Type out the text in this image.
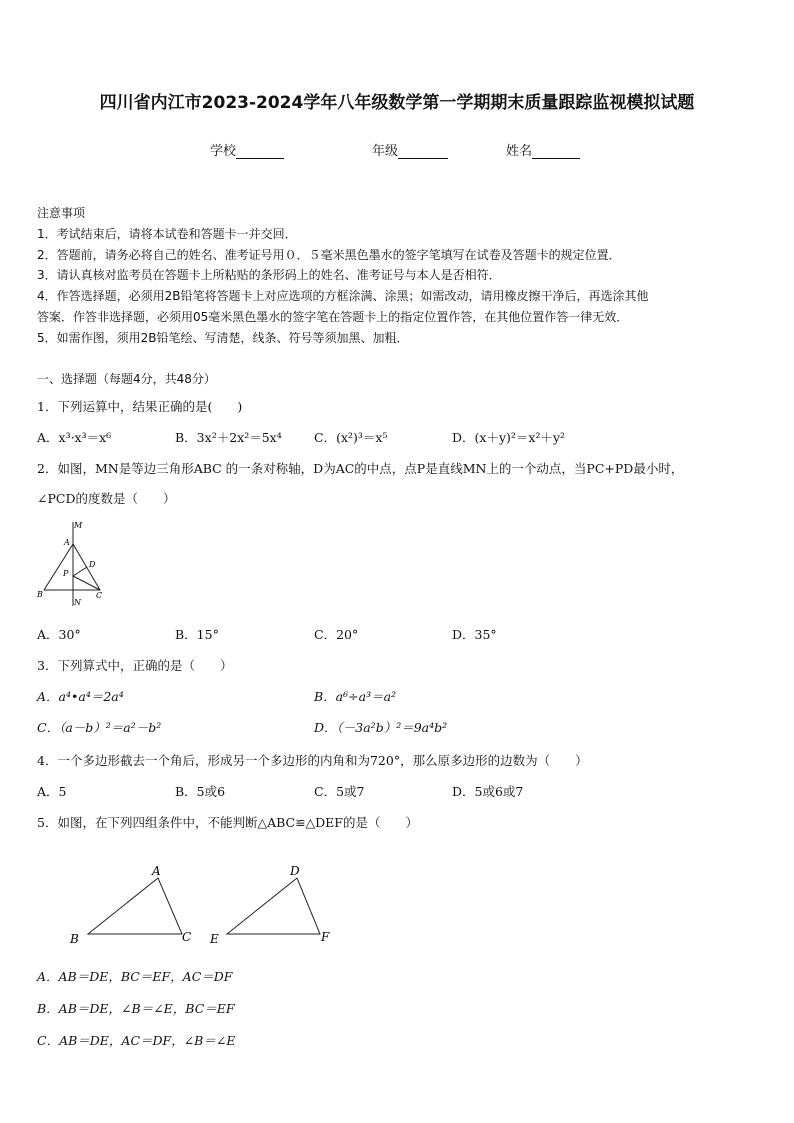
四川省内江市2023-2024学年八年级数学第一学期期末质量跟踪监视模拟试题
学校	年级	姓名
注意事项
1．考试结束后，请将本试卷和答题卡一并交回．
2．答题前，请务必将自己的姓名、准考证号用０．５毫米黑色墨水的签字笔填写在试卷及答题卡的规定位置．
3．请认真核对监考员在答题卡上所粘贴的条形码上的姓名、准考证号与本人是否相符．
4．作答选择题，必须用2B铅笔将答题卡上对应选项的方框涂满、涂黑；如需改动，请用橡皮擦干净后，再选涂其他
答案．作答非选择题，必须用05毫米黑色墨水的签字笔在答题卡上的指定位置作答，在其他位置作答一律无效．
5．如需作图，须用2B铅笔绘、写清楚，线条、符号等须加黑、加粗．
一、选择题（每题4分，共48分）
1．下列运算中，结果正确的是(　　)
A．x³·x³＝x⁶	B．3x²＋2x²＝5x⁴	C．(x²)³＝x⁵	D．(x＋y)²＝x²＋y²
2．如图，MN是等边三角形ABC 的一条对称轴，D为AC的中点，点P是直线MN上的一个动点，当PC+PD最小时，
∠PCD的度数是（　　）
M
A
D
P
B
N
C
A．30°	B．15°	C．20°	D．35°
3．下列算式中，正确的是（　　）
A．a⁴•a⁴＝2a⁴	B．a⁶÷a³＝a²
C．（a－b）²＝a²－b²	D．（－3a²b）²＝9a⁴b²
4．一个多边形截去一个角后，形成另一个多边形的内角和为720°，那么原多边形的边数为（　　）
A．5	B．5或6	C．5或7	D．5或6或7
5．如图，在下列四组条件中，不能判断△ABC≌△DEF的是（　　）
A
B	C
D
E	F
A．AB＝DE，BC＝EF，AC＝DF
B．AB＝DE，∠B＝∠E，BC＝EF
C．AB＝DE，AC＝DF，∠B＝∠E
